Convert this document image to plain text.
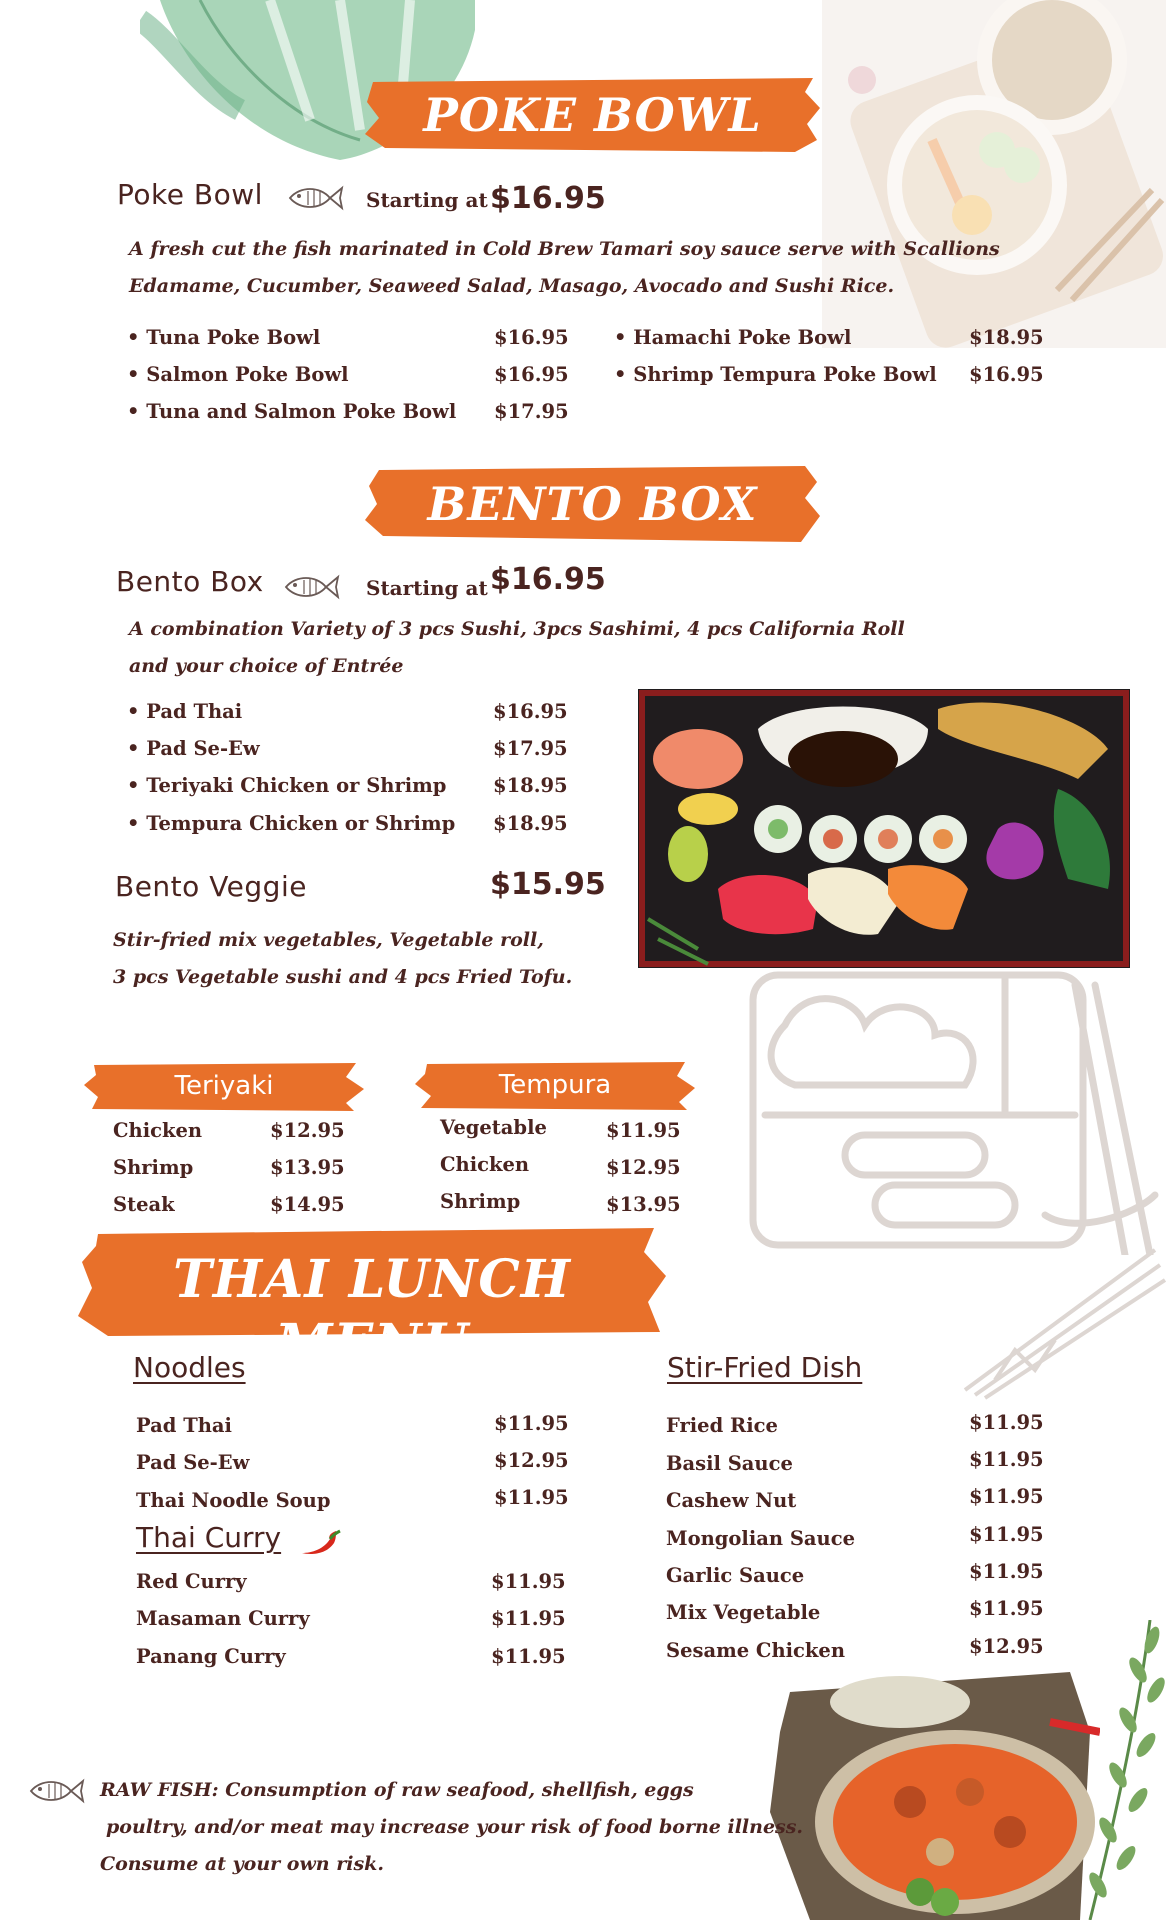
POKE BOWL
Poke Bowl	Starting at $16.95
A fresh cut the fish marinated in Cold Brew Tamari soy sauce serve with Scallions
Edamame, Cucumber, Seaweed Salad, Masago, Avocado and Sushi Rice.
• Tuna Poke Bowl	$16.95
• Salmon Poke Bowl	$16.95
• Tuna and Salmon Poke Bowl $17.95
• Hamachi Poke Bowl	$18.95
• Shrimp Tempura Poke Bowl $16.95
BENTO BOX
Bento Box	Starting at $16.95
A combination Variety of 3 pcs Sushi, 3pcs Sashimi, 4 pcs California Roll
and your choice of Entrée
• Pad Thai	$16.95
• Pad Se-Ew	$17.95
• Teriyaki Chicken or Shrimp $18.95
• Tempura Chicken or Shrimp $18.95
Bento Veggie	$15.95
Stir-fried mix vegetables, Vegetable roll,
3 pcs Vegetable sushi and 4 pcs Fried Tofu.
Teriyaki
Chicken	$12.95
Shrimp	$13.95
Steak	$14.95
Tempura
Vegetable	$11.95
Chicken	$12.95
Shrimp	$13.95
THAI LUNCH MENU
Noodles
Pad Thai	$11.95
Pad Se-Ew	$12.95
Thai Noodle Soup	$11.95
Thai Curry
Red Curry	$11.95
Masaman Curry	$11.95
Panang Curry	$11.95
Stir-Fried Dish
Fried Rice	$11.95
Basil Sauce	$11.95
Cashew Nut	$11.95
Mongolian Sauce	$11.95
Garlic Sauce	$11.95
Mix Vegetable	$11.95
Sesame Chicken	$12.95
RAW FISH: Consumption of raw seafood, shellfish, eggs
poultry, and/or meat may increase your risk of food borne illness.
Consume at your own risk.
